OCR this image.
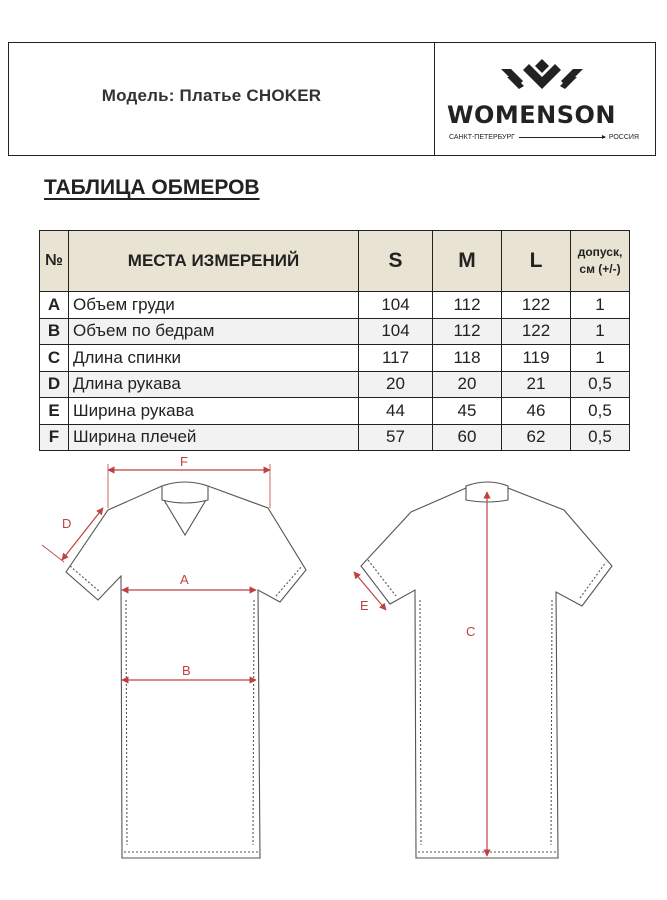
Модель: Платье CHOKER
WOMENSON
САНКТ-ПЕТЕРБУРГ	РОССИЯ
ТАБЛИЦА ОБМЕРОВ
№	МЕСТА ИЗМЕРЕНИЙ	S	M	L	допуск,
см (+/-)
A	Объем груди	104	112	122	1
B	Объем по бедрам	104	112	122	1
C	Длина спинки	117	118	119	1
D	Длина рукава	20	20	21	0,5
E	Ширина рукава	44	45	46	0,5
F	Ширина плечей	57	60	62	0,5
F
D
A
B
C
E
